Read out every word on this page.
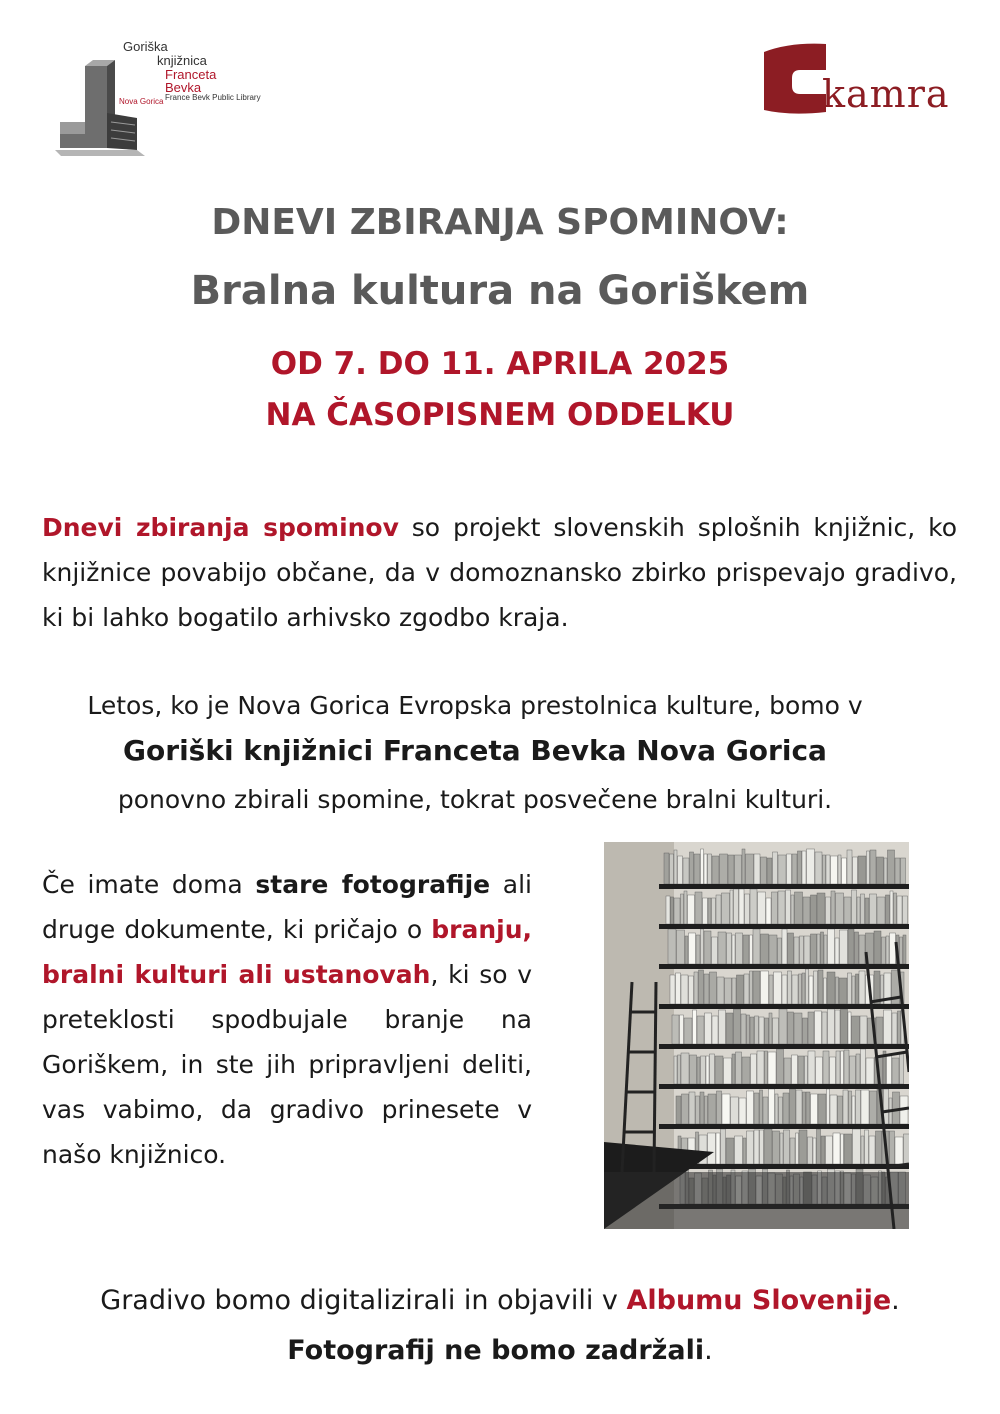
Goriška
knjižnica
Franceta
Bevka
France Bevk Public Library
Nova Gorica	kamra
DNEVI ZBIRANJA SPOMINOV:
Bralna kultura na Goriškem
OD 7. DO 11. APRILA 2025
NA ČASOPISNEM ODDELKU
Dnevi zbiranja spominov so projekt slovenskih splošnih knjižnic, ko knjižnice povabijo občane, da v domoznansko zbirko prispevajo gradivo, ki bi lahko bogatilo arhivsko zgodbo kraja.
Letos, ko je Nova Gorica Evropska prestolnica kulture, bomo v
Goriški knjižnici Franceta Bevka Nova Gorica
ponovno zbirali spomine, tokrat posvečene bralni kulturi.
Če imate doma stare fotografije ali druge dokumente, ki pričajo o branju, bralni kulturi ali ustanovah, ki so v preteklosti spodbujale branje na Goriškem, in ste jih pripravljeni deliti, vas vabimo, da gradivo prinesete v našo knjižnico.
Gradivo bomo digitalizirali in objavili v Albumu Slovenije.
Fotografij ne bomo zadržali.
